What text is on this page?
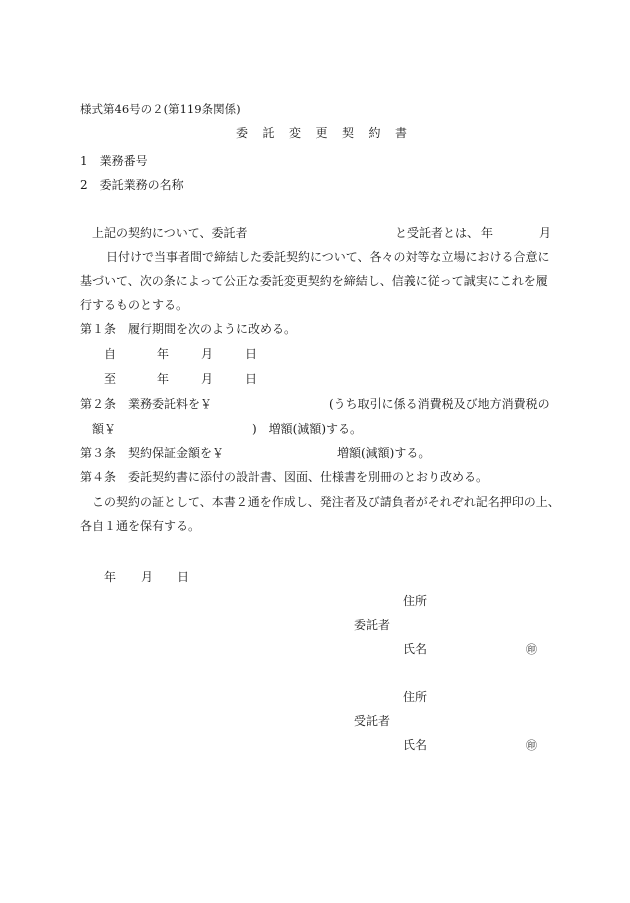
様式第46号の２(第119条関係)
委託変更契約書
1　業務番号
2　委託業務の名称
上記の契約について、委託者	と受託者とは、 年	月
日付けで当事者間で締結した委託契約について、各々の対等な立場における合意に
基づいて、次の条によって公正な委託変更契約を締結し、信義に従って誠実にこれを履
行するものとする。
第１条　履行期間を次のように改める。
自	年	月	日
至	年	月	日
第２条　業務委託料を￥	(うち取引に係る消費税及び地方消費税の
額￥	)　増額(減額)する。
第３条　契約保証金額を￥	増額(減額)する。
第４条　委託契約書に添付の設計書、図面、仕様書を別冊のとおり改める。
この契約の証として、本書２通を作成し、発注者及び請負者がそれぞれ記名押印の上、
各自１通を保有する。
年 月 日
住所
委託者
氏名	㊞
住所
受託者
氏名	㊞
